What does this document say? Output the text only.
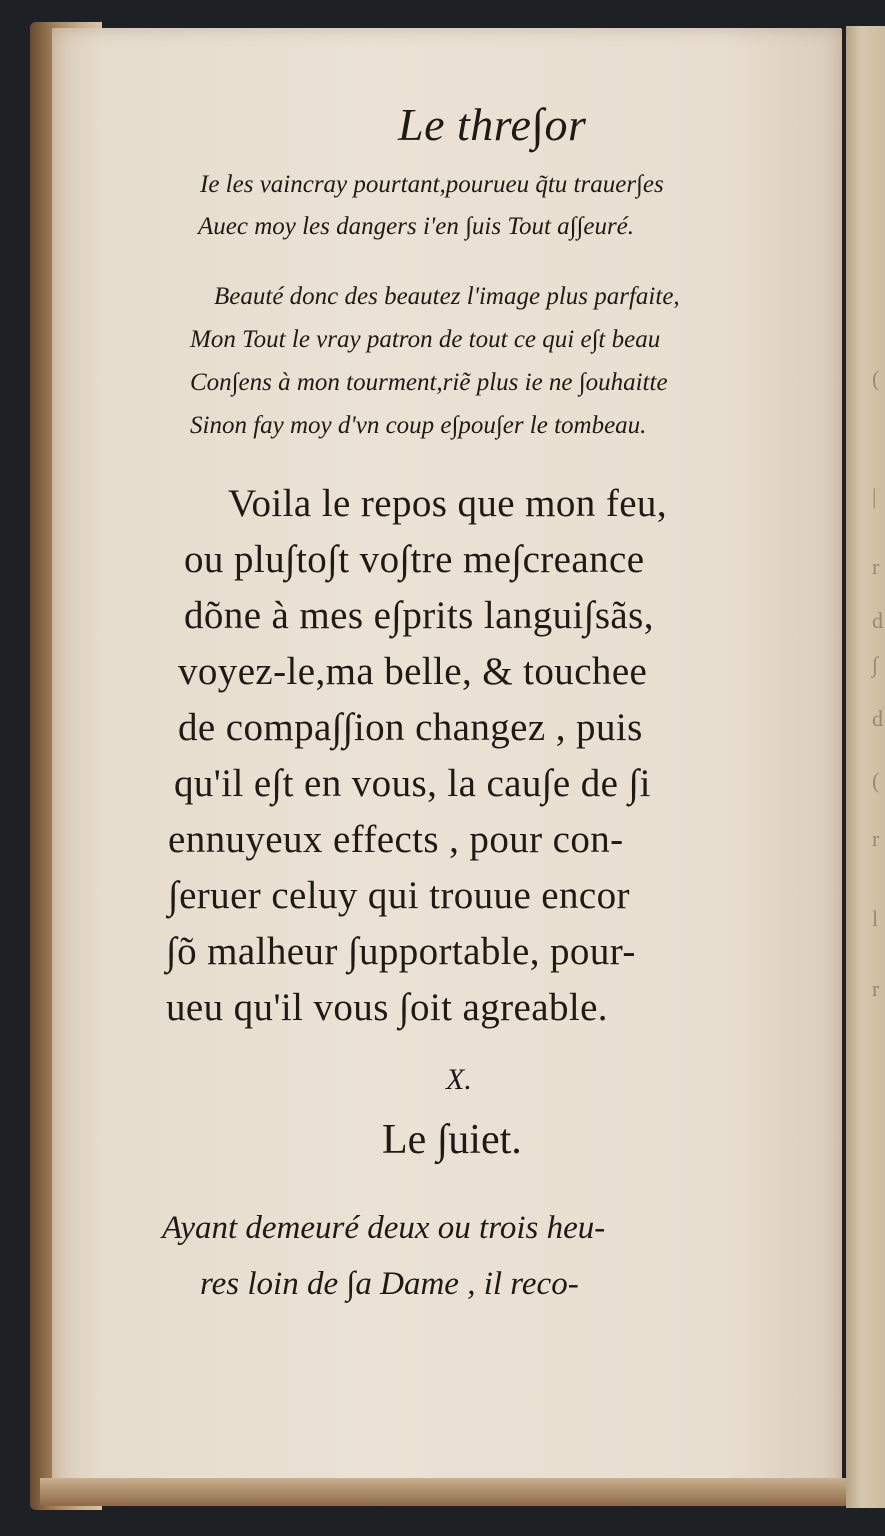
(
|
r
d
∫
d
(
r
l
r
Le thre∫or
Ie les vaincray pourtant,pourueu q̃tu trauer∫es
Auec moy les dangers i'en ∫uis Tout a∫∫euré.
Beauté donc des beautez l'image plus parfaite,
Mon Tout le vray patron de tout ce qui e∫t beau
Con∫ens à mon tourment,riẽ plus ie ne ∫ouhaitte
Sinon fay moy d'vn coup e∫pou∫er le tombeau.
Voila le repos que mon feu,
ou plu∫to∫t vo∫tre me∫creance
dõne à mes e∫prits langui∫sãs,
voyez-le,ma belle, & touchee
de compa∫∫ion changez , puis
qu'il e∫t en vous, la cau∫e de ∫i
ennuyeux effects , pour con-
∫eruer celuy qui trouue encor
∫õ malheur ∫upportable, pour-
ueu qu'il vous ∫oit agreable.
X.
Le ∫uiet.
Ayant demeuré deux ou trois heu-
res loin de ∫a Dame , il reco-
